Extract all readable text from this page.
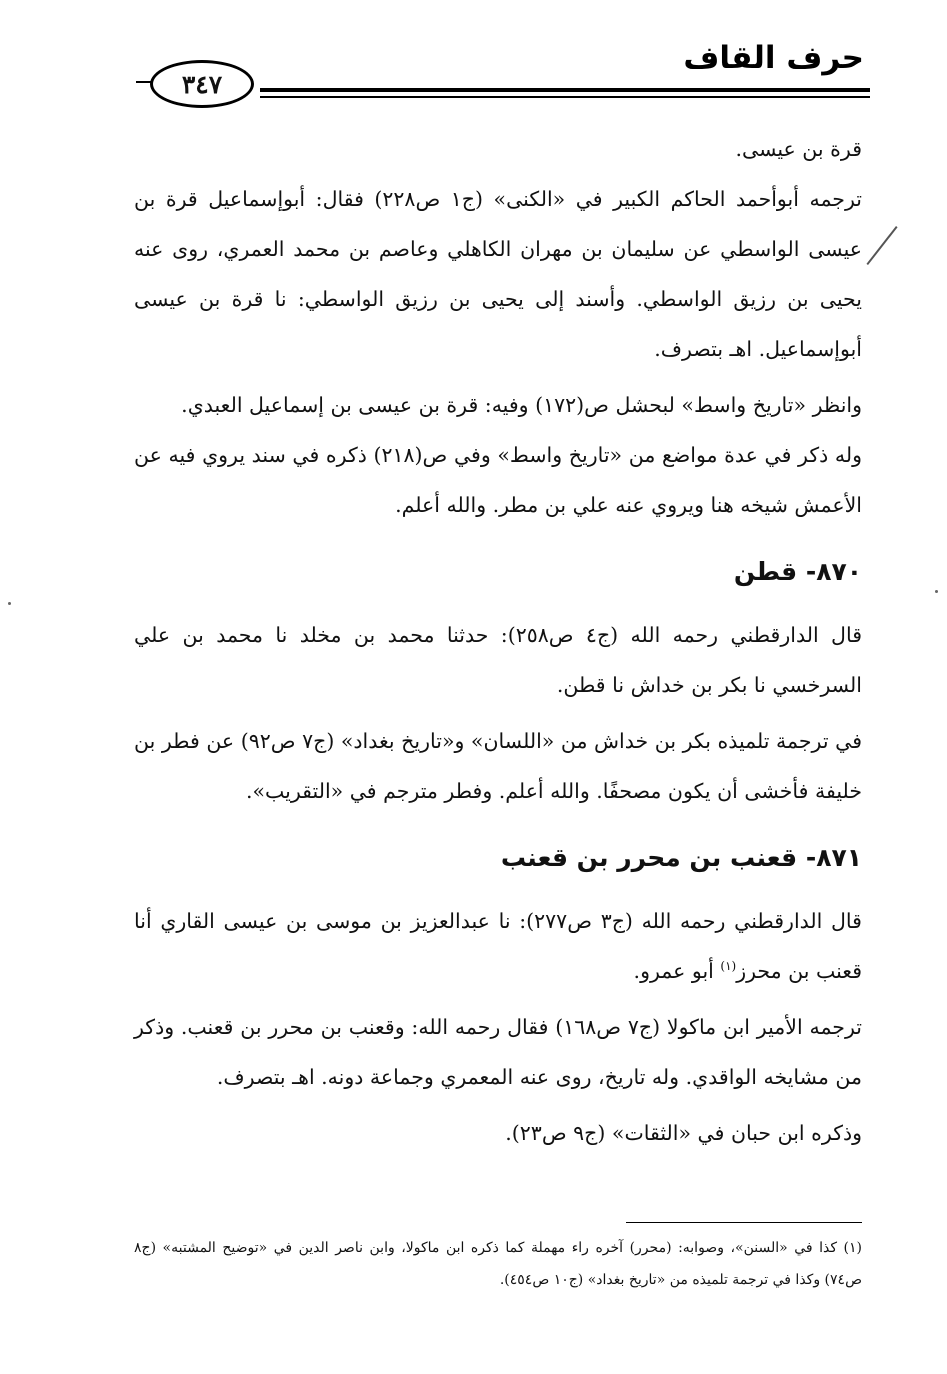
حرف القاف
٣٤٧

قرة بن عيسى.

ترجمه أبوأحمد الحاكم الكبير في «الكنى» (ج١ ص٢٢٨) فقال: أبوإسماعيل قرة بن عيسى الواسطي عن سليمان بن مهران الكاهلي وعاصم بن محمد العمري، روى عنه يحيى بن رزيق الواسطي. وأسند إلى يحيى بن رزيق الواسطي: نا قرة بن عيسى أبوإسماعيل. اهـ بتصرف.

وانظر «تاريخ واسط» لبحشل ص(١٧٢) وفيه: قرة بن عيسى بن إسماعيل العبدي.

وله ذكر في عدة مواضع من «تاريخ واسط» وفي ص(٢١٨) ذكره في سند يروي فيه عن الأعمش شيخه هنا ويروي عنه علي بن مطر. والله أعلم.

٨٧٠- قطن

قال الدارقطني رحمه الله (ج٤ ص٢٥٨): حدثنا محمد بن مخلد نا محمد بن علي السرخسي نا بكر بن خداش نا قطن.

في ترجمة تلميذه بكر بن خداش من «اللسان» و«تاريخ بغداد» (ج٧ ص٩٢) عن فطر بن خليفة فأخشى أن يكون مصحفًا. والله أعلم. وفطر مترجم في «التقريب».

٨٧١- قعنب بن محرر بن قعنب

قال الدارقطني رحمه الله (ج٣ ص٢٧٧): نا عبدالعزيز بن موسى بن عيسى القاري أنا قعنب بن محرز$^{(١)}$ أبو عمرو.

ترجمه الأمير ابن ماكولا (ج٧ ص١٦٨) فقال رحمه الله: وقعنب بن محرر بن قعنب. وذكر من مشايخه الواقدي. وله تاريخ، روى عنه المعمري وجماعة دونه. اهـ بتصرف.

وذكره ابن حبان في «الثقات» (ج٩ ص٢٣).

(١) كذا في «السنن»، وصوابه: (محرر) آخره راء مهملة كما ذكره ابن ماكولا، وابن ناصر الدين في «توضيح المشتبه» (ج٨ ص٧٤) وكذا في ترجمة تلميذه من «تاريخ بغداد» (ج١٠ ص٤٥٤).
